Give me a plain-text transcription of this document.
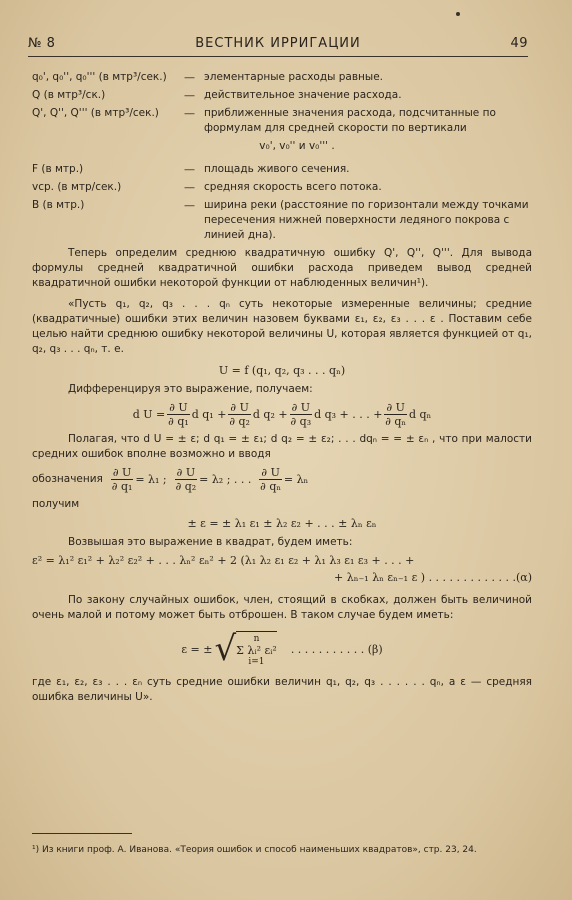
№ 8	ВЕСТНИК ИРРИГАЦИИ	49
q₀', q₀'', q₀''' (в мтр³/сек.)	— элементарные расходы равные.
Q (в мтр³/ск.)	— действительное значение расхода.
Q', Q'', Q''' (в мтр³/сек.)	— приближенные значения расхода, подсчитанные по формулам для средней скорости по вертикали
v₀', v₀'' и v₀''' .
F (в мтр.)	— площадь живого сечения.
vср. (в мтр/сек.)	— средняя скорость всего потока.
B (в мтр.)	— ширина реки (расстояние по горизонтали между точками пересечения нижней поверхности ледяного покрова с линией дна).

Теперь определим среднюю квадратичную ошибку Q', Q'', Q'''. Для вывода формулы средней квадратичной ошибки расхода приведем вывод средней квадратичной ошибки некоторой функции от наблюденных величин¹).

«Пусть q₁, q₂, q₃ . . . qₙ суть некоторые измеренные величины; средние (квадратичные) ошибки этих величин назовем буквами ε₁, ε₂, ε₃ . . . ε . Поставим себе целью найти среднюю ошибку некоторой величины U, которая является функцией от q₁, q₂, q₃ . . . qₙ, т. е.

U = f (q₁, q₂, q₃ . . . qₙ)

Дифференцируя это выражение, получаем:

d $U = \frac{\partial U}{\text{∂ q₁}}$ d $q_1 + \frac{\partial U}{\text{∂ q₂}}$ d $q_2 + \frac{\partial U}{\text{∂ q₃}}$ d q₃ + . . . + $\frac{\partial U}{\text{∂ qₙ}}$ d qₙ

Полагая, что d U = ± ε; d q₁ = ± ε₁; d q₂ = ± ε₂; . . . dqₙ = = ± εₙ , что при малости средних ошибок вполне возможно и вводя

обозначения $\frac{\partial U}{\text{∂ q₁}} = \lambda_1$ ; $\frac{\partial U}{\text{∂ q₂}} = \lambda_2$ ; . . . $\frac{\partial U}{\text{∂ qₙ}} = \lambda_n$

получим

± ε = ± λ₁ ε₁ ± λ₂ ε₂ + . . . ± λₙ εₙ

Возвышая это выражение в квадрат, будем иметь:

ε² = λ₁² ε₁² + λ₂² ε₂² + . . . λₙ² εₙ² + 2 (λ₁ λ₂ ε₁ ε₂ + λ₁ λ₃ ε₁ ε₃ + . . . +
+ λₙ₋₁ λₙ εₙ₋₁ ε ) . . . . . . . . . . . . .(α)

По закону случайных ошибок, член, стоящий в скобках, должен быть величиной очень малой и потому может быть отброшен. В таком случае будем иметь:

ε = ± √	n
Σ λᵢ² εᵢ²
i=1
. . . . . . . . . . . (β)

где ε₁, ε₂, ε₃ . . . εₙ суть средние ошибки величин q₁, q₂, q₃ . . . . . . qₙ, а ε — средняя ошибка величины U».

¹) Из книги проф. А. Иванова. «Теория ошибок и способ наименьших квадратов», стр. 23, 24.
